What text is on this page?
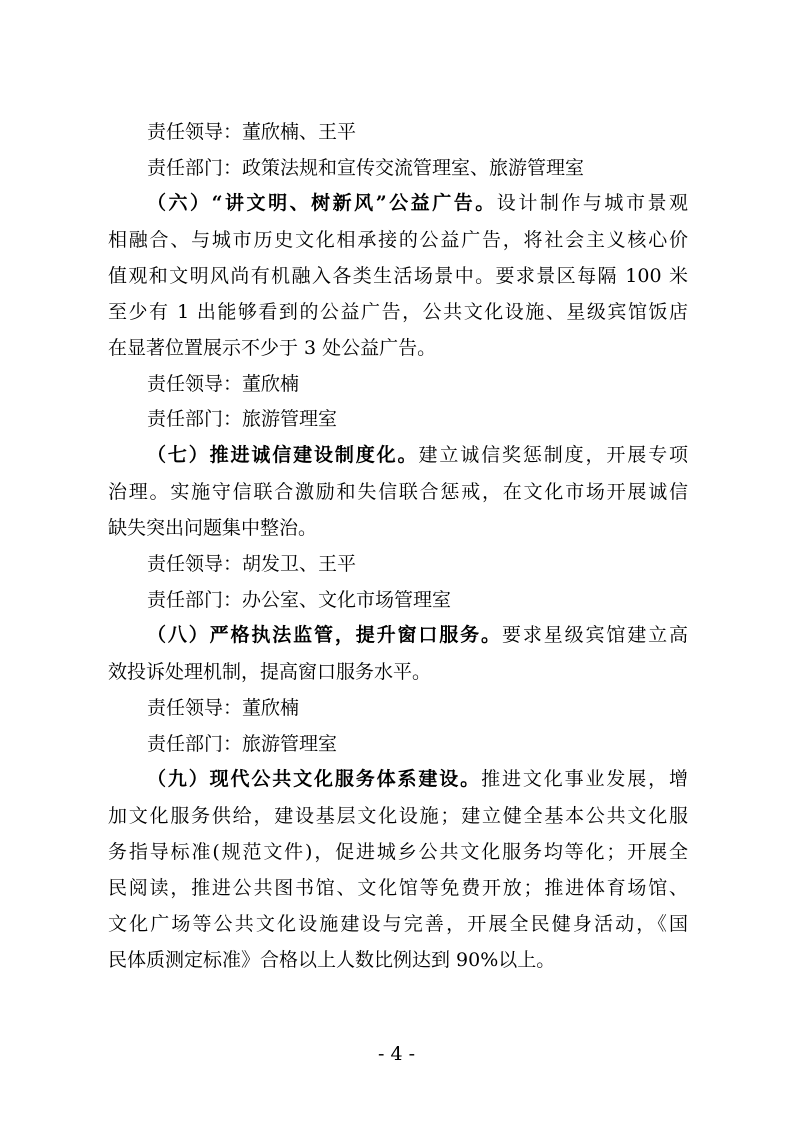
责任领导：董欣楠、王平
责任部门：政策法规和宣传交流管理室、旅游管理室
（六）“讲文明、树新风”公益广告。设计制作与城市景观
相融合、与城市历史文化相承接的公益广告，将社会主义核心价
值观和文明风尚有机融入各类生活场景中。要求景区每隔 100 米
至少有 1 出能够看到的公益广告，公共文化设施、星级宾馆饭店
在显著位置展示不少于 3 处公益广告。
责任领导：董欣楠
责任部门：旅游管理室
（七）推进诚信建设制度化。建立诚信奖惩制度，开展专项
治理。实施守信联合激励和失信联合惩戒，在文化市场开展诚信
缺失突出问题集中整治。
责任领导：胡发卫、王平
责任部门：办公室、文化市场管理室
（八）严格执法监管，提升窗口服务。要求星级宾馆建立高
效投诉处理机制，提高窗口服务水平。
责任领导：董欣楠
责任部门：旅游管理室
（九）现代公共文化服务体系建设。推进文化事业发展，增
加文化服务供给，建设基层文化设施；建立健全基本公共文化服
务指导标准(规范文件)，促进城乡公共文化服务均等化；开展全
民阅读，推进公共图书馆、文化馆等免费开放；推进体育场馆、
文化广场等公共文化设施建设与完善，开展全民健身活动，《国
民体质测定标准》合格以上人数比例达到 90%以上。
- 4 -
